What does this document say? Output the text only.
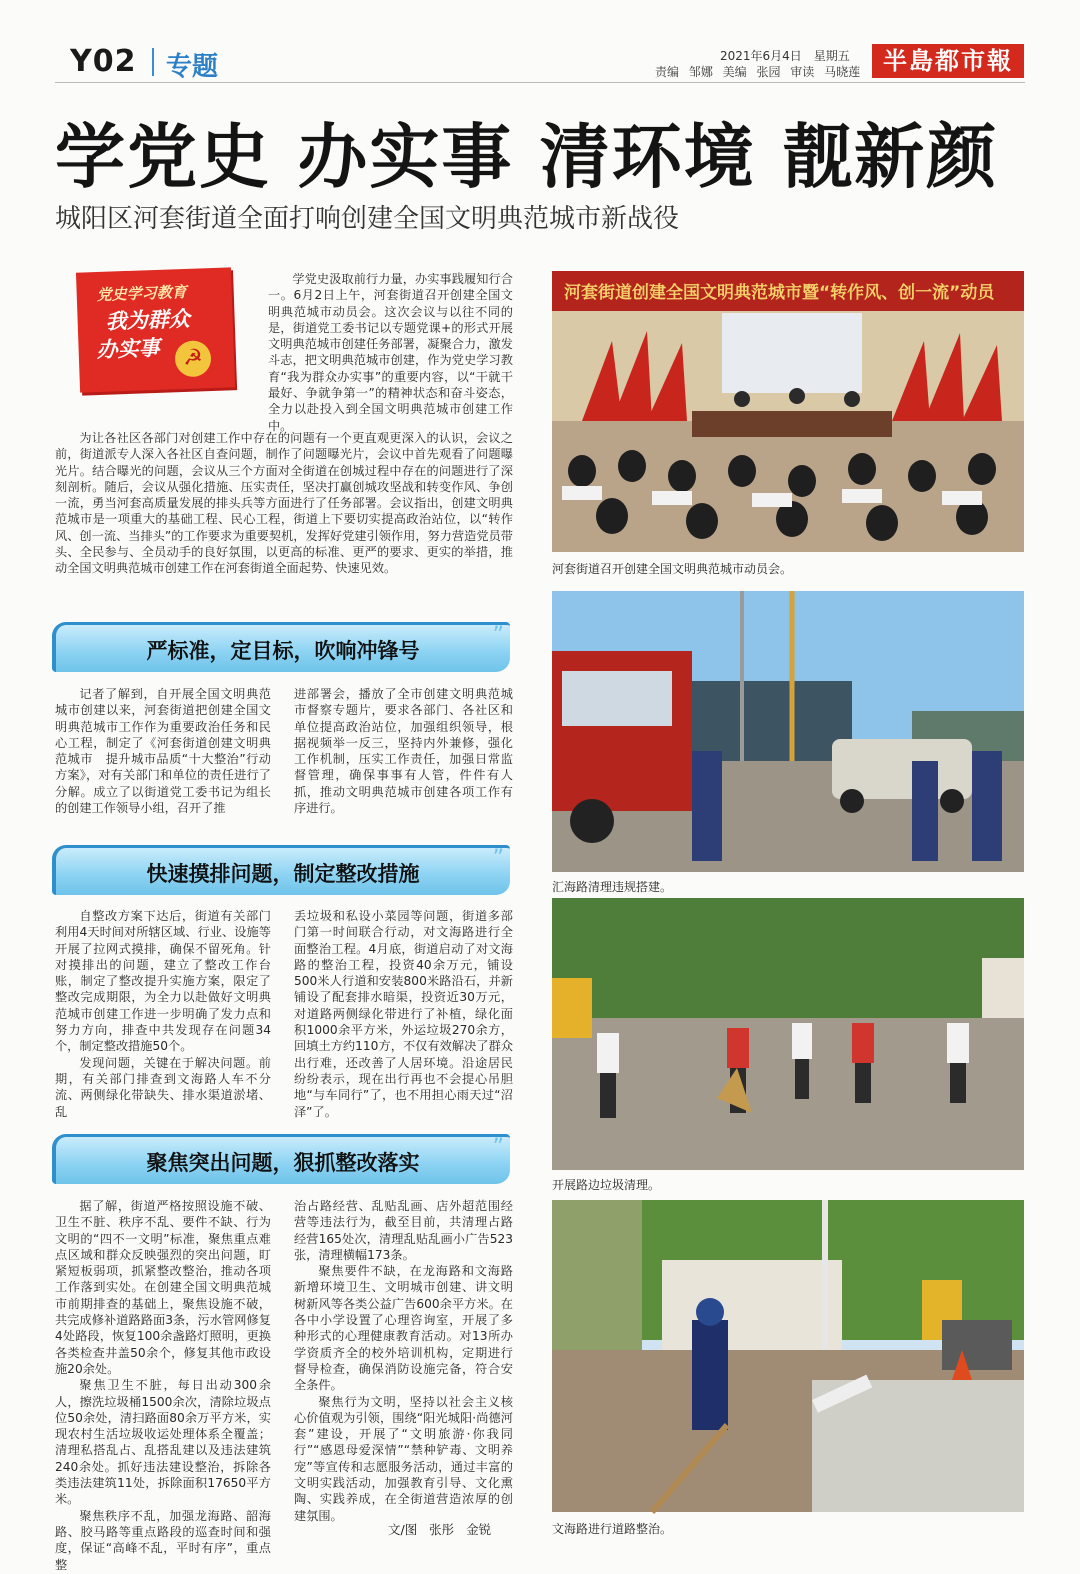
Y02 专题	2021年6月4日　星期五
责编 邹娜 美编 张园 审读 马晓莲 半島都市報
学党史 办实事 清环境 靓新颜
城阳区河套街道全面打响创建全国文明典范城市新战役
党史学习教育
我为群众
办实事	☭

学党史汲取前行力量，办实事践履知行合一。6月2日上午，河套街道召开创建全国文明典范城市动员会。这次会议与以往不同的是，街道党工委书记以专题党课+的形式开展文明典范城市创建任务部署，凝聚合力，激发斗志，把文明典范城市创建，作为党史学习教育“我为群众办实事”的重要内容，以“干就干最好、争就争第一”的精神状态和奋斗姿态，全力以赴投入到全国文明典范城市创建工作中。

为让各社区各部门对创建工作中存在的问题有一个更直观更深入的认识，会议之前，街道派专人深入各社区自查问题，制作了问题曝光片，会议中首先观看了问题曝光片。结合曝光的问题，会议从三个方面对全街道在创城过程中存在的问题进行了深刻剖析。随后，会议从强化措施、压实责任，坚决打赢创城攻坚战和转变作风、争创一流，勇当河套高质量发展的排头兵等方面进行了任务部署。会议指出，创建文明典范城市是一项重大的基础工程、民心工程，街道上下要切实提高政治站位，以“转作风、创一流、当排头”的工作要求为重要契机，发挥好党建引领作用，努力营造党员带头、全民参与、全员动手的良好氛围，以更高的标准、更严的要求、更实的举措，推动全国文明典范城市创建工作在河套街道全面起势、快速见效。

严标准，定目标，吹响冲锋号
”

记者了解到，自开展全国文明典范城市创建以来，河套街道把创建全国文明典范城市工作作为重要政治任务和民心工程，制定了《河套街道创建文明典范城市　提升城市品质“十大整治”行动方案》，对有关部门和单位的责任进行了分解。成立了以街道党工委书记为组长的创建工作领导小组，召开了推

进部署会，播放了全市创建文明典范城市督察专题片，要求各部门、各社区和单位提高政治站位，加强组织领导，根据视频举一反三，坚持内外兼修，强化工作机制，压实工作责任，加强日常监督管理，确保事事有人管，件件有人抓，推动文明典范城市创建各项工作有序进行。

快速摸排问题，制定整改措施
”

自整改方案下达后，街道有关部门利用4天时间对所辖区域、行业、设施等开展了拉网式摸排，确保不留死角。针对摸排出的问题，建立了整改工作台账，制定了整改提升实施方案，限定了整改完成期限，为全力以赴做好文明典范城市创建工作进一步明确了发力点和努力方向，排查中共发现存在问题34个，制定整改措施50个。

发现问题，关键在于解决问题。前期，有关部门排查到文海路人车不分流、两侧绿化带缺失、排水渠道淤堵、乱

丢垃圾和私设小菜园等问题，街道多部门第一时间联合行动，对文海路进行全面整治工程。4月底，街道启动了对文海路的整治工程，投资40余万元，铺设500米人行道和安装800米路沿石，并新铺设了配套排水暗渠，投资近30万元，对道路两侧绿化带进行了补植，绿化面积1000余平方米，外运垃圾270余方，回填土方约110方，不仅有效解决了群众出行难，还改善了人居环境。沿途居民纷纷表示，现在出行再也不会提心吊胆地“与车同行”了，也不用担心雨天过“沼泽”了。

聚焦突出问题，狠抓整改落实
”

据了解，街道严格按照设施不破、卫生不脏、秩序不乱、要件不缺、行为文明的“四不一文明”标准，聚焦重点难点区域和群众反映强烈的突出问题，盯紧短板弱项，抓紧整改整治，推动各项工作落到实处。在创建全国文明典范城市前期排查的基础上，聚焦设施不破，共完成修补道路路面3条，污水管网修复4处路段，恢复100余盏路灯照明，更换各类检查井盖50余个，修复其他市政设施20余处。

聚焦卫生不脏，每日出动300余人，擦洗垃圾桶1500余次，清除垃圾点位50余处，清扫路面80余万平方米，实现农村生活垃圾收运处理体系全覆盖；清理私搭乱占、乱搭乱建以及违法建筑240余处。抓好违法建设整治，拆除各类违法建筑11处，拆除面积17650平方米。

聚焦秩序不乱，加强龙海路、韶海路、胶马路等重点路段的巡查时间和强度，保证“高峰不乱，平时有序”，重点整

治占路经营、乱贴乱画、店外超范围经营等违法行为，截至目前，共清理占路经营165处次，清理乱贴乱画小广告523张，清理横幅173条。

聚焦要件不缺，在龙海路和文海路新增环境卫生、文明城市创建、讲文明树新风等各类公益广告600余平方米。在各中小学设置了心理咨询室，开展了多种形式的心理健康教育活动。对13所办学资质齐全的校外培训机构，定期进行督导检查，确保消防设施完备，符合安全条件。

聚焦行为文明，坚持以社会主义核心价值观为引领，围绕“阳光城阳·尚德河套”建设，开展了“文明旅游·你我同行”“感恩母爱深情”“禁种铲毒、文明养宠”等宣传和志愿服务活动，通过丰富的文明实践活动，加强教育引导、文化熏陶、实践养成，在全街道营造浓厚的创建氛围。

文/图 张彤 金锐
河套街道创建全国文明典范城市暨“转作风、创一流”动员
河套街道召开创建全国文明典范城市动员会。
汇海路清理违规搭建。
开展路边垃圾清理。
文海路进行道路整治。
